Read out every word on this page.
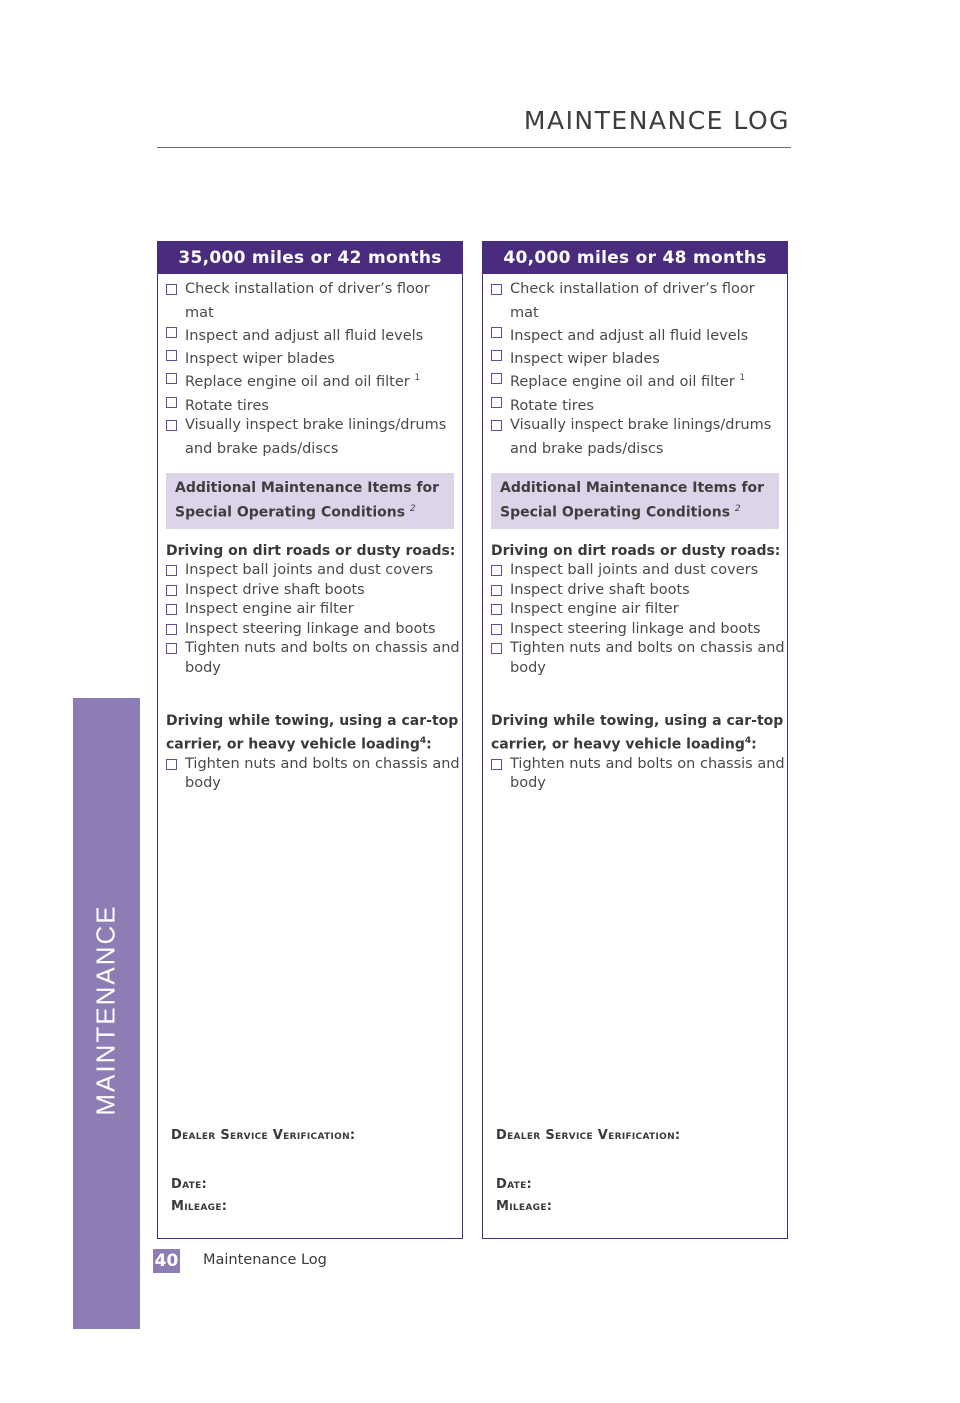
MAINTENANCE
MAINTENANCE LOG
35,000 miles or 42 months
Check installation of driver’s floor mat
Inspect and adjust all fluid levels
Inspect wiper blades
Replace engine oil and oil filter $^1$
Rotate tires
Visually inspect brake linings/drums and brake pads/discs
Additional Maintenance Items for
Special Operating Conditions $^2$
Driving on dirt roads or dusty roads:
Inspect ball joints and dust covers
Inspect drive shaft boots
Inspect engine air filter
Inspect steering linkage and boots
Tighten nuts and bolts on chassis and body
Driving while towing, using a car-top carrier, or heavy vehicle loading$^4$:
Tighten nuts and bolts on chassis and body
Dealer Service Verification:
Date:
Mileage:
40,000 miles or 48 months
Check installation of driver’s floor mat
Inspect and adjust all fluid levels
Inspect wiper blades
Replace engine oil and oil filter $^1$
Rotate tires
Visually inspect brake linings/drums and brake pads/discs
Additional Maintenance Items for
Special Operating Conditions $^2$
Driving on dirt roads or dusty roads:
Inspect ball joints and dust covers
Inspect drive shaft boots
Inspect engine air filter
Inspect steering linkage and boots
Tighten nuts and bolts on chassis and body
Driving while towing, using a car-top carrier, or heavy vehicle loading$^4$:
Tighten nuts and bolts on chassis and body
Dealer Service Verification:
Date:
Mileage:
40 Maintenance Log
